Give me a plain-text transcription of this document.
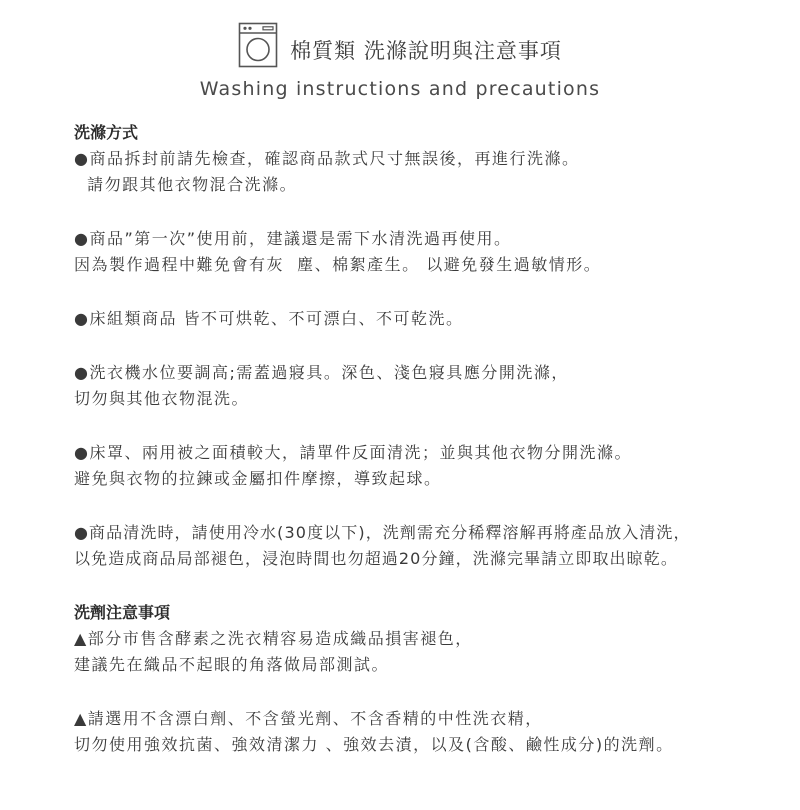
棉質類 洗滌說明與注意事項
Washing instructions and precautions
洗滌方式
●商品拆封前請先檢查，確認商品款式尺寸無誤後，再進行洗滌。
請勿跟其他衣物混合洗滌。
●商品”第一次”使用前，建議還是需下水清洗過再使用。
因為製作過程中難免會有灰  塵、棉絮產生。 以避免發生過敏情形。
●床組類商品 皆不可烘乾、不可漂白、不可乾洗。
●洗衣機水位要調高;需蓋過寢具。深色、淺色寢具應分開洗滌，
切勿與其他衣物混洗。
●床罩、兩用被之面積較大，請單件反面清洗；並與其他衣物分開洗滌。
避免與衣物的拉鍊或金屬扣件摩擦，導致起球。
●商品清洗時，請使用冷水(30度以下)，洗劑需充分稀釋溶解再將產品放入清洗，
以免造成商品局部褪色，浸泡時間也勿超過20分鐘，洗滌完畢請立即取出晾乾。
洗劑注意事項
▲部分市售含酵素之洗衣精容易造成織品損害褪色，
建議先在織品不起眼的角落做局部測試。
▲請選用不含漂白劑、不含螢光劑、不含香精的中性洗衣精，
切勿使用強效抗菌、強效清潔力 、強效去漬，以及(含酸、鹼性成分)的洗劑。
